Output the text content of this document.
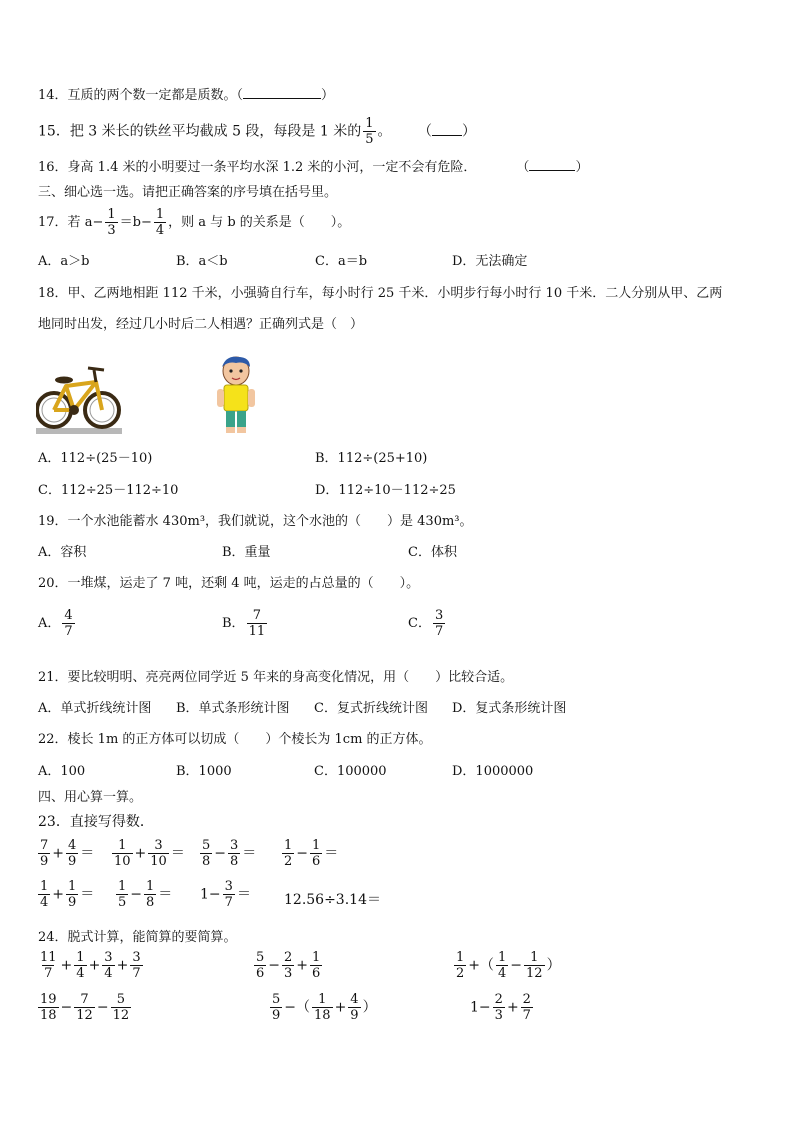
14．互质的两个数一定都是质数。（	）
15．把 3 米长的铁丝平均截成 5 段，每段是 1 米的 $\frac{1}{5}$ 。 （ ）
16．身高 1.4 米的小明要过一条平均水深 1.2 米的小河，一定不会有危险．	（	）
三、细心选一选。请把正确答案的序号填在括号里。
17．若 $a- \frac{1}{3} =b- \frac{1}{4}$ ，则 a 与 b 的关系是（　　）。
A．a＞b	B．a＜b	C．a＝b	D．无法确定
18．甲、乙两地相距 112 千米，小强骑自行车，每小时行 25 千米．小明步行每小时行 10 千米．二人分别从甲、乙两
地同时出发，经过几小时后二人相遇？正确列式是（　）
A．112÷(25－10)	B．112÷(25+10)
C．112÷25－112÷10	D．112÷10－112÷25
19．一个水池能蓄水 430m³，我们就说，这个水池的（　　）是 430m³。
A．容积	B．重量	C．体积
20．一堆煤，运走了 7 吨，还剩 4 吨，运走的占总量的（　　）。
A． $\frac{4}{7}$	B． $\frac{7}{11}$	C． $\frac{3}{7}$
21．要比较明明、亮亮两位同学近 5 年来的身高变化情况，用（　　）比较合适。
A．单式折线统计图 B．单式条形统计图 C．复式折线统计图 D．复式条形统计图
22．棱长 1m 的正方体可以切成（　　）个棱长为 1cm 的正方体。
A．100	B．1000	C．100000	D．1000000
四、用心算一算。
23．直接写得数．
$\frac{7}{9} + \frac{4}{9} = \frac{1}{10} + \frac{3}{10} = \frac{5}{8} - \frac{3}{8} = \frac{1}{2} - \frac{1}{6}$ ＝
$\frac{1}{4} + \frac{1}{9} = \frac{1}{5} - \frac{1}{8} = 1- \frac{3}{7} = 12.56\div 3.14=$
24．脱式计算，能简算的要简算。
$\frac{11}{7} + \frac{1}{4} + \frac{3}{4} + \frac{3}{7}$	$\frac{5}{6} - \frac{2}{3} + \frac{1}{6}$	$\frac{1}{2}$ +（ $\frac{1}{4} - \frac{1}{12}$ ）
$\frac{19}{18} - \frac{7}{12} - \frac{5}{12}$	$\frac{5}{9}$ −（ $\frac{1}{18} + \frac{4}{9}$ ）	$1- \frac{2}{3} + \frac{2}{7}$
